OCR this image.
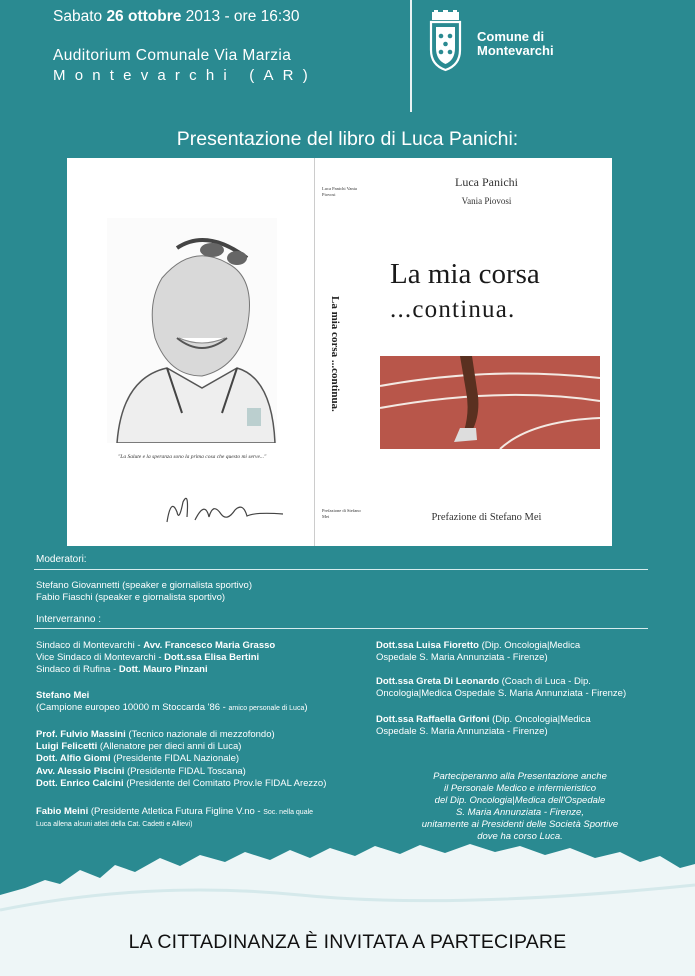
Sabato 26 ottobre 2013 - ore 16:30
Auditorium Comunale Via Marzia
Montevarchi (AR)
Comune di
Montevarchi
Presentazione del libro di Luca Panichi:
"La Salute e la speranza sono la prima cosa che questo mi serve..."
Luca Panichi Vania Piovosi
La mia corsa ...continua.
Prefazione di Stefano Mei
Luca Panichi
Vania Piovosi
La mia corsa
...continua.
Prefazione di Stefano Mei
Moderatori:
Stefano Giovannetti (speaker e giornalista sportivo)
Fabio Fiaschi (speaker e giornalista sportivo)
Interverranno :
Sindaco di Montevarchi - Avv. Francesco Maria Grasso
Vice Sindaco di Montevarchi - Dott.ssa Elisa Bertini
Sindaco di Rufina - Dott. Mauro Pinzani
Stefano Mei
(Campione europeo 10000 m Stoccarda '86 - amico personale di Luca)
Prof. Fulvio Massini (Tecnico nazionale di mezzofondo)
Luigi Felicetti (Allenatore per dieci anni di Luca)
Dott. Alfio Giomi (Presidente FIDAL Nazionale)
Avv. Alessio Piscini (Presidente FIDAL Toscana)
Dott. Enrico Calcini (Presidente del Comitato Prov.le FIDAL Arezzo)
Fabio Meini (Presidente Atletica Futura Figline V.no - Soc. nella quale
Luca allena alcuni atleti della Cat. Cadetti e Allievi)
Dott.ssa Luisa Fioretto (Dip. Oncologia|Medica
Ospedale S. Maria Annunziata - Firenze)
Dott.ssa Greta Di Leonardo (Coach di Luca - Dip.
Oncologia|Medica Ospedale S. Maria Annunziata - Firenze)
Dott.ssa Raffaella Grifoni (Dip. Oncologia|Medica
Ospedale S. Maria Annunziata - Firenze)
Parteciperanno alla Presentazione anche
il Personale Medico e infermieristico
del Dip. Oncologia|Medica dell'Ospedale
S. Maria Annunziata - Firenze,
unitamente ai Presidenti delle Società Sportive
dove ha corso Luca.
LA CITTADINANZA È INVITATA A PARTECIPARE
